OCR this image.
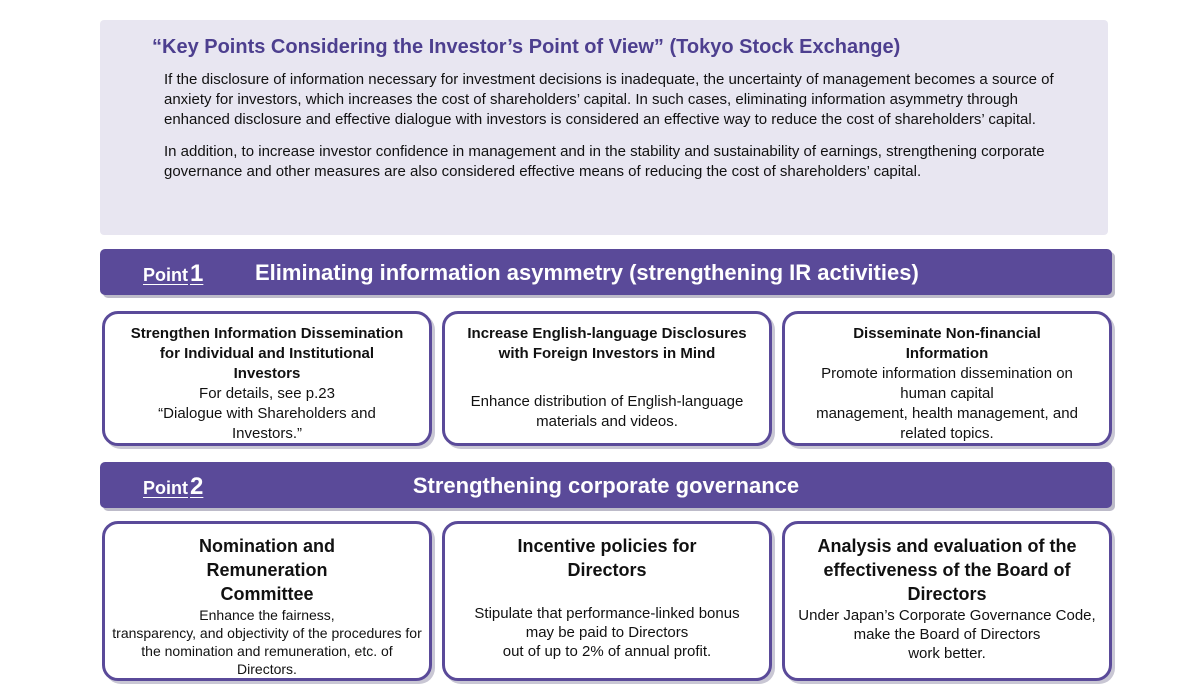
“Key Points Considering the Investor’s Point of View” (Tokyo Stock Exchange)

If the disclosure of information necessary for investment decisions is inadequate, the uncertainty of management becomes a source of anxiety for investors, which increases the cost of shareholders’ capital. In such cases, eliminating information asymmetry through enhanced disclosure and effective dialogue with investors is considered an effective way to reduce the cost of shareholders’ capital.

In addition, to increase investor confidence in management and in the stability and sustainability of earnings, strengthening corporate governance and other measures are also considered effective means of reducing the cost of shareholders’ capital.

Point1 Eliminating information asymmetry (strengthening IR activities)

Strengthen Information Dissemination for Individual and Institutional Investors

For details, see p.23

“Dialogue with Shareholders and Investors.”

Increase English-language Disclosures with Foreign Investors in Mind

Enhance distribution of English-language materials and videos.

Disseminate Non-financial Information

Promote information dissemination on human capital

management, health management, and related topics.

Point2	Strengthening corporate governance

Nomination and Remuneration Committee

Enhance the fairness,

transparency, and objectivity of the procedures for the nomination and remuneration, etc. of Directors.

Incentive policies for Directors

Stipulate that performance-linked bonus may be paid to Directors

out of up to 2% of annual profit.

Analysis and evaluation of the effectiveness of the Board of Directors

Under Japan’s Corporate Governance Code, make the Board of Directors

work better.
